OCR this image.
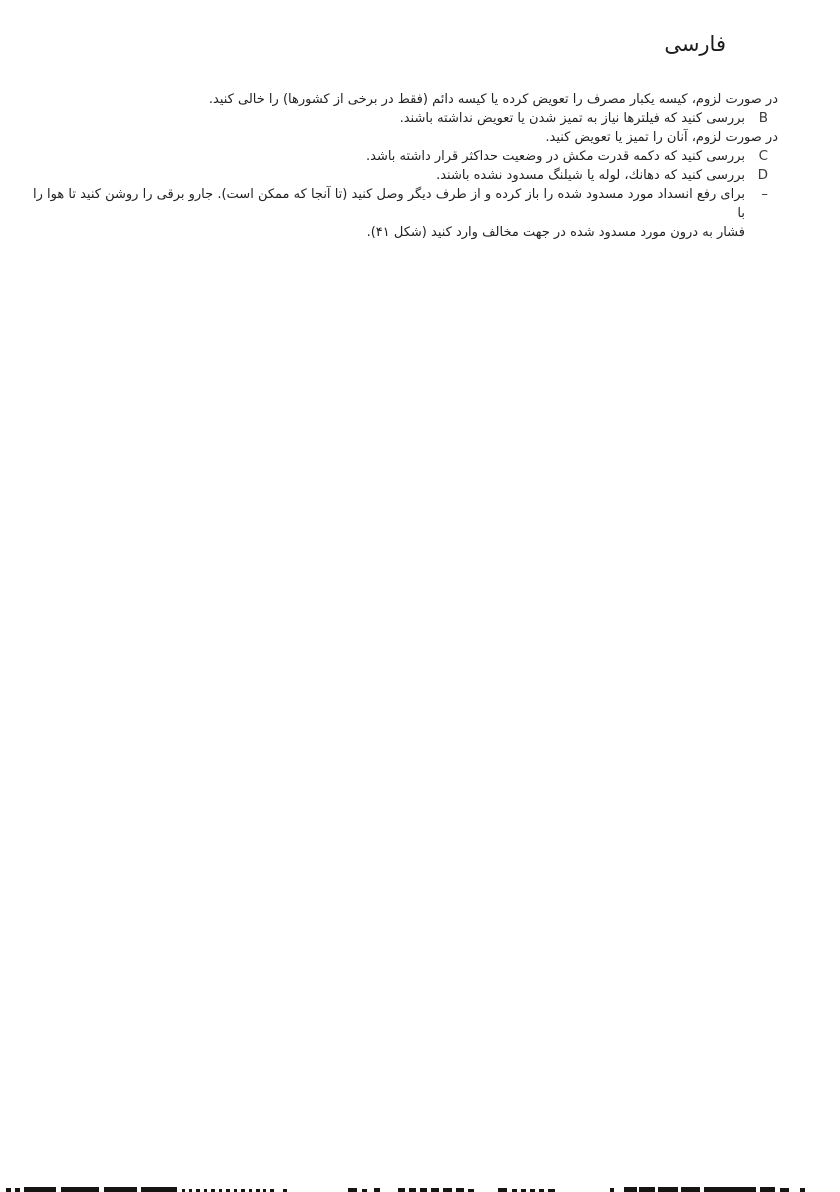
فارسی
در صورت لزوم، کیسه یکبار مصرف را تعویض کرده یا کیسه دائم (فقط در برخی از کشورها) را خالی کنید.
B
بررسی کنید که فیلترها نیاز به تمیز شدن یا تعویض نداشته باشند.
در صورت لزوم، آنان را تمیز یا تعویض کنید.
C
بررسی کنید که دکمه قدرت مکش در وضعیت حداکثر قرار داشته باشد.
D
بررسی کنید که دهانك، لوله یا شیلنگ مسدود نشده باشند.
–
برای رفع انسداد مورد مسدود شده را باز کرده و از طرف دیگر وصل کنید (تا آنجا که ممکن است). جارو برقی را روشن کنید تا هوا را با
فشار به درون مورد مسدود شده در جهت مخالف وارد کنید (شکل ۴۱).
